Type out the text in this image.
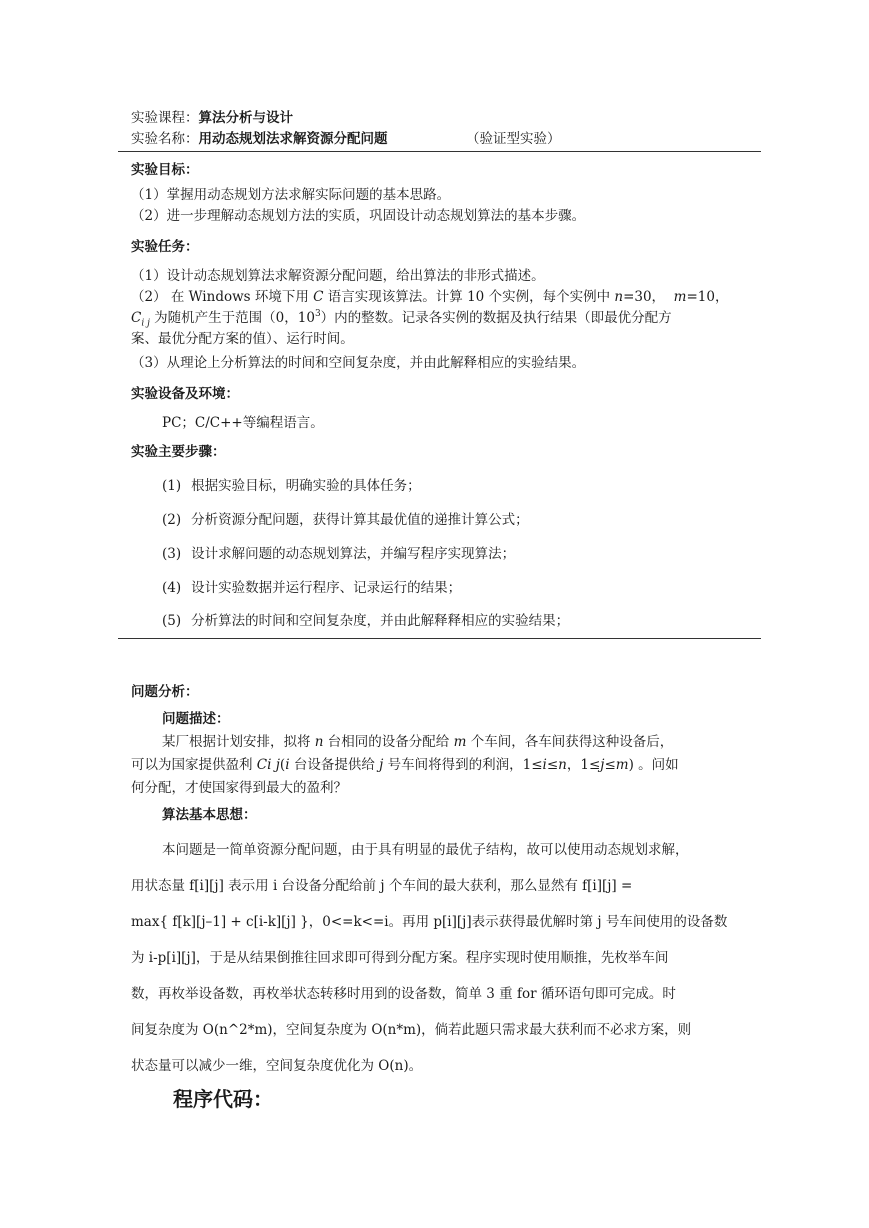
实验课程：算法分析与设计
实验名称：用动态规划法求解资源分配问题	（验证型实验）
实验目标：
（1）掌握用动态规划方法求解实际问题的基本思路。
（2）进一步理解动态规划方法的实质，巩固设计动态规划算法的基本步骤。
实验任务：
（1）设计动态规划算法求解资源分配问题，给出算法的非形式描述。
（2） 在 Windows 环境下用 C 语言实现该算法。计算 10 个实例，每个实例中 n=30， m=10，
$C_{i j}$ 为随机产生于范围（0，$10^3$）内的整数。记录各实例的数据及执行结果（即最优分配方
案、最优分配方案的值）、运行时间。
（3）从理论上分析算法的时间和空间复杂度，并由此解释相应的实验结果。
实验设备及环境：
PC；C/C++等编程语言。
实验主要步骤：
(1) 根据实验目标，明确实验的具体任务；
(2) 分析资源分配问题，获得计算其最优值的递推计算公式；
(3) 设计求解问题的动态规划算法，并编写程序实现算法；
(4) 设计实验数据并运行程序、记录运行的结果；
(5) 分析算法的时间和空间复杂度，并由此解释释相应的实验结果；
问题分析：
问题描述：
某厂根据计划安排，拟将 n 台相同的设备分配给 m 个车间，各车间获得这种设备后，
可以为国家提供盈利 Ci j(i 台设备提供给 j 号车间将得到的利润，1≤i≤n，1≤j≤m) 。问如
何分配，才使国家得到最大的盈利？
算法基本思想：
本问题是一简单资源分配问题，由于具有明显的最优子结构，故可以使用动态规划求解，
用状态量 f[i][j] 表示用 i 台设备分配给前 j 个车间的最大获利，那么显然有 f[i][j] =
max{ f[k][j–1] + c[i-k][j] }，0<=k<=i。再用 p[i][j]表示获得最优解时第 j 号车间使用的设备数
为 i-p[i][j]，于是从结果倒推往回求即可得到分配方案。程序实现时使用顺推，先枚举车间
数，再枚举设备数，再枚举状态转移时用到的设备数，简单 3 重 for 循环语句即可完成。时
间复杂度为 O(n^2*m)，空间复杂度为 O(n*m)，倘若此题只需求最大获利而不必求方案，则
状态量可以减少一维，空间复杂度优化为 O(n)。
程序代码：
